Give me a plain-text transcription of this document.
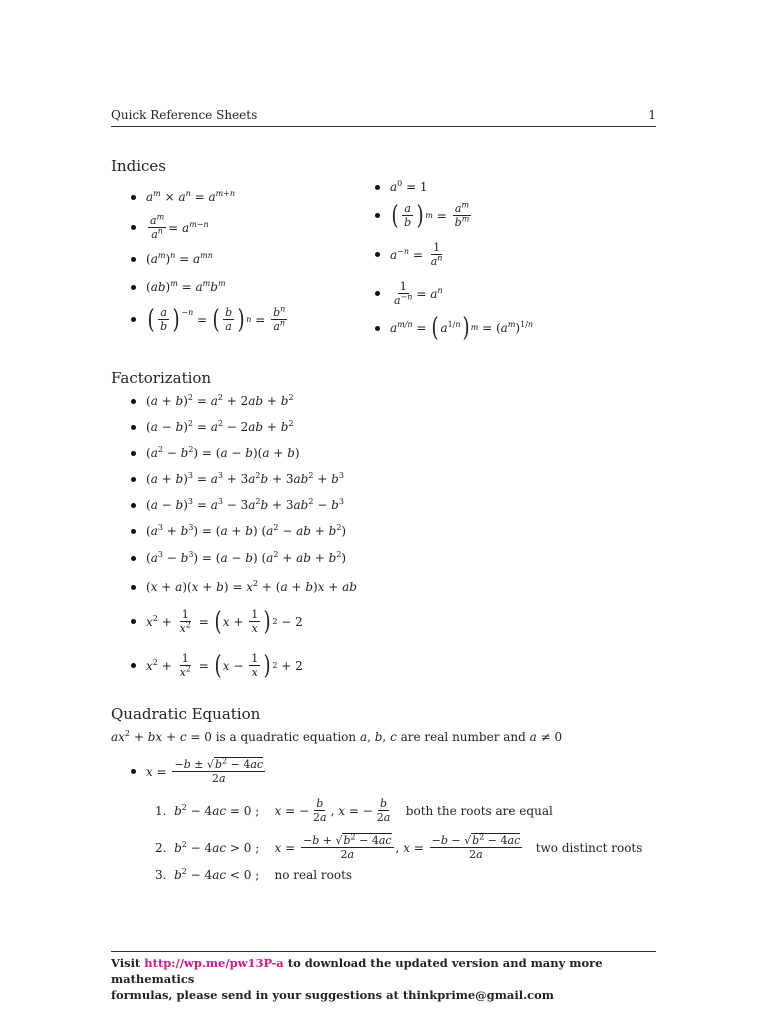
Quick Reference Sheets	1
Indices
$a^m \times a^n = a^{m+n}$
$\frac{a^m}{a^n} = a^{m-n}$
$(a^m)^n = a^{mn}$
$(ab)^m = a^mb^m$
( $\frac{a}{b}$ ) −n
= ( $\frac{b}{a}$ ) $n = \frac{b^n}{a^n}$
$a^0 = 1$
( $\frac{a}{b}$ ) $m = \frac{a^m}{b^m}$
$a^{-n} = \frac{1}{a^n}$
$\frac{1}{a^{-n}} = a^n$
$a^{m/n}$ = ( $a^{1/n}$ ) $m = (a^m)^{1/n}$
Factorization
$(a + b)^2 = a^2 + 2ab + b^2$
$(a - b)^2 = a^2 - 2ab + b^2$
$(a^2 - b^2) = (a - b)(a + b)$
$(a + b)^3 = a^3 + 3a^2b + 3ab^2 + b^3$
$(a - b)^3 = a^3 - 3a^2b + 3ab^2 - b^3$
$(a^3 + b^3) = (a + b) (a^2$ − ab + $b^2$)
$(a^3 - b^3) = (a - b) (a^2$ + ab + $b^2$)
$(x + a)(x + b) = x^2 + (a + b)x$ + ab
$x^2 + \frac{1}{x^2}$ = ( $x + \frac{1}{x}$ ) 2 − 2
$x^2 + \frac{1}{x^2}$ = ( $x - \frac{1}{x}$ ) 2 + 2
Quadratic Equation
$ax^2$ + bx + c = 0 is a quadratic equation a, b, c are real number and a ≠ 0
$x = \frac{-b \pm √b^2 - 4ac}{2a}$
1.  $b^2 - 4ac = 0$ ;    x = − $\frac{b}{2a}$ , x = − $\frac{b}{2a}$
both the roots are equal
2.  $b^2 - 4ac > 0$ ;    $x = \frac{-b + √b^2 - 4ac}{2a}$ , $x = \frac{-b - √b^2 - 4ac}{2a}$
two distinct roots
3.  $b^2 - 4ac < 0$ ; no real roots
Visit http://wp.me/pw13P-a to download the updated version and many more mathematics
formulas, please send in your suggestions at thinkprime@gmail.com
